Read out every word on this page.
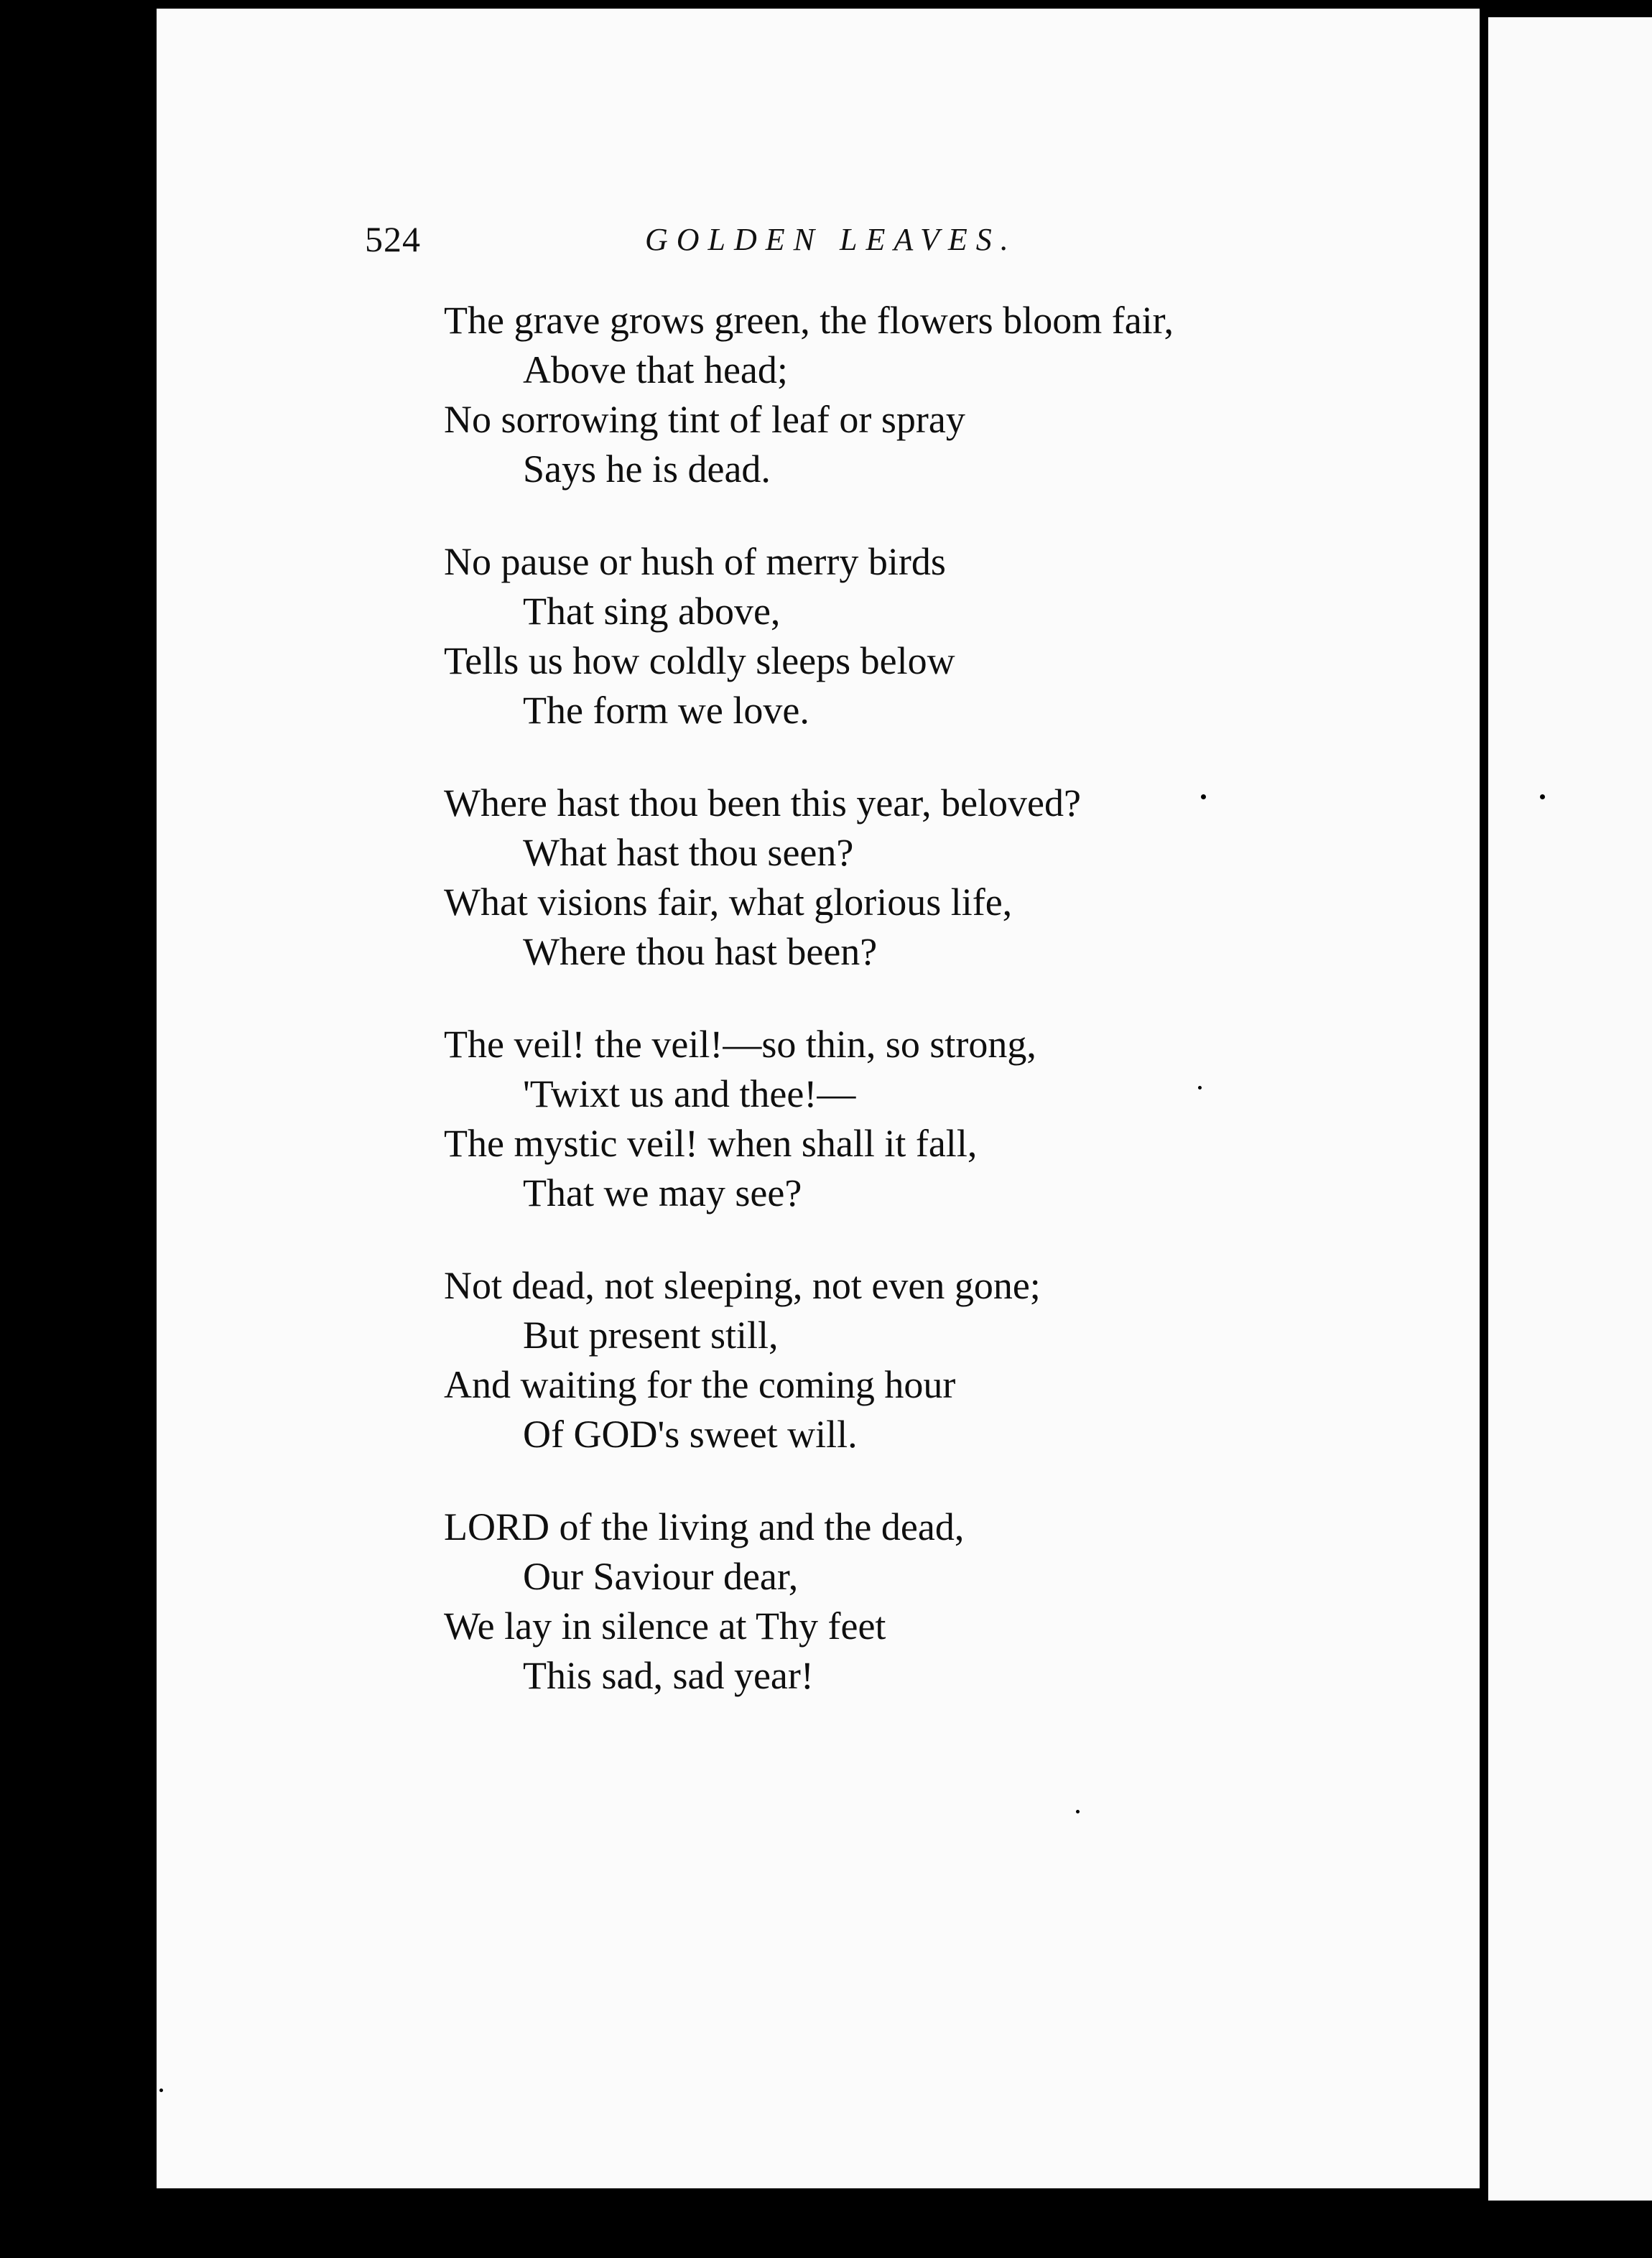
524	GOLDEN LEAVES.
The grave grows green, the flowers bloom fair,
Above that head;
No sorrowing tint of leaf or spray
Says he is dead.
No pause or hush of merry birds
That sing above,
Tells us how coldly sleeps below
The form we love.
Where hast thou been this year, beloved?
What hast thou seen?
What visions fair, what glorious life,
Where thou hast been?
The veil! the veil!—so thin, so strong,
'Twixt us and thee!—
The mystic veil! when shall it fall,
That we may see?
Not dead, not sleeping, not even gone;
But present still,
And waiting for the coming hour
Of GOD's sweet will.
LORD of the living and the dead,
Our Saviour dear,
We lay in silence at Thy feet
This sad, sad year!
